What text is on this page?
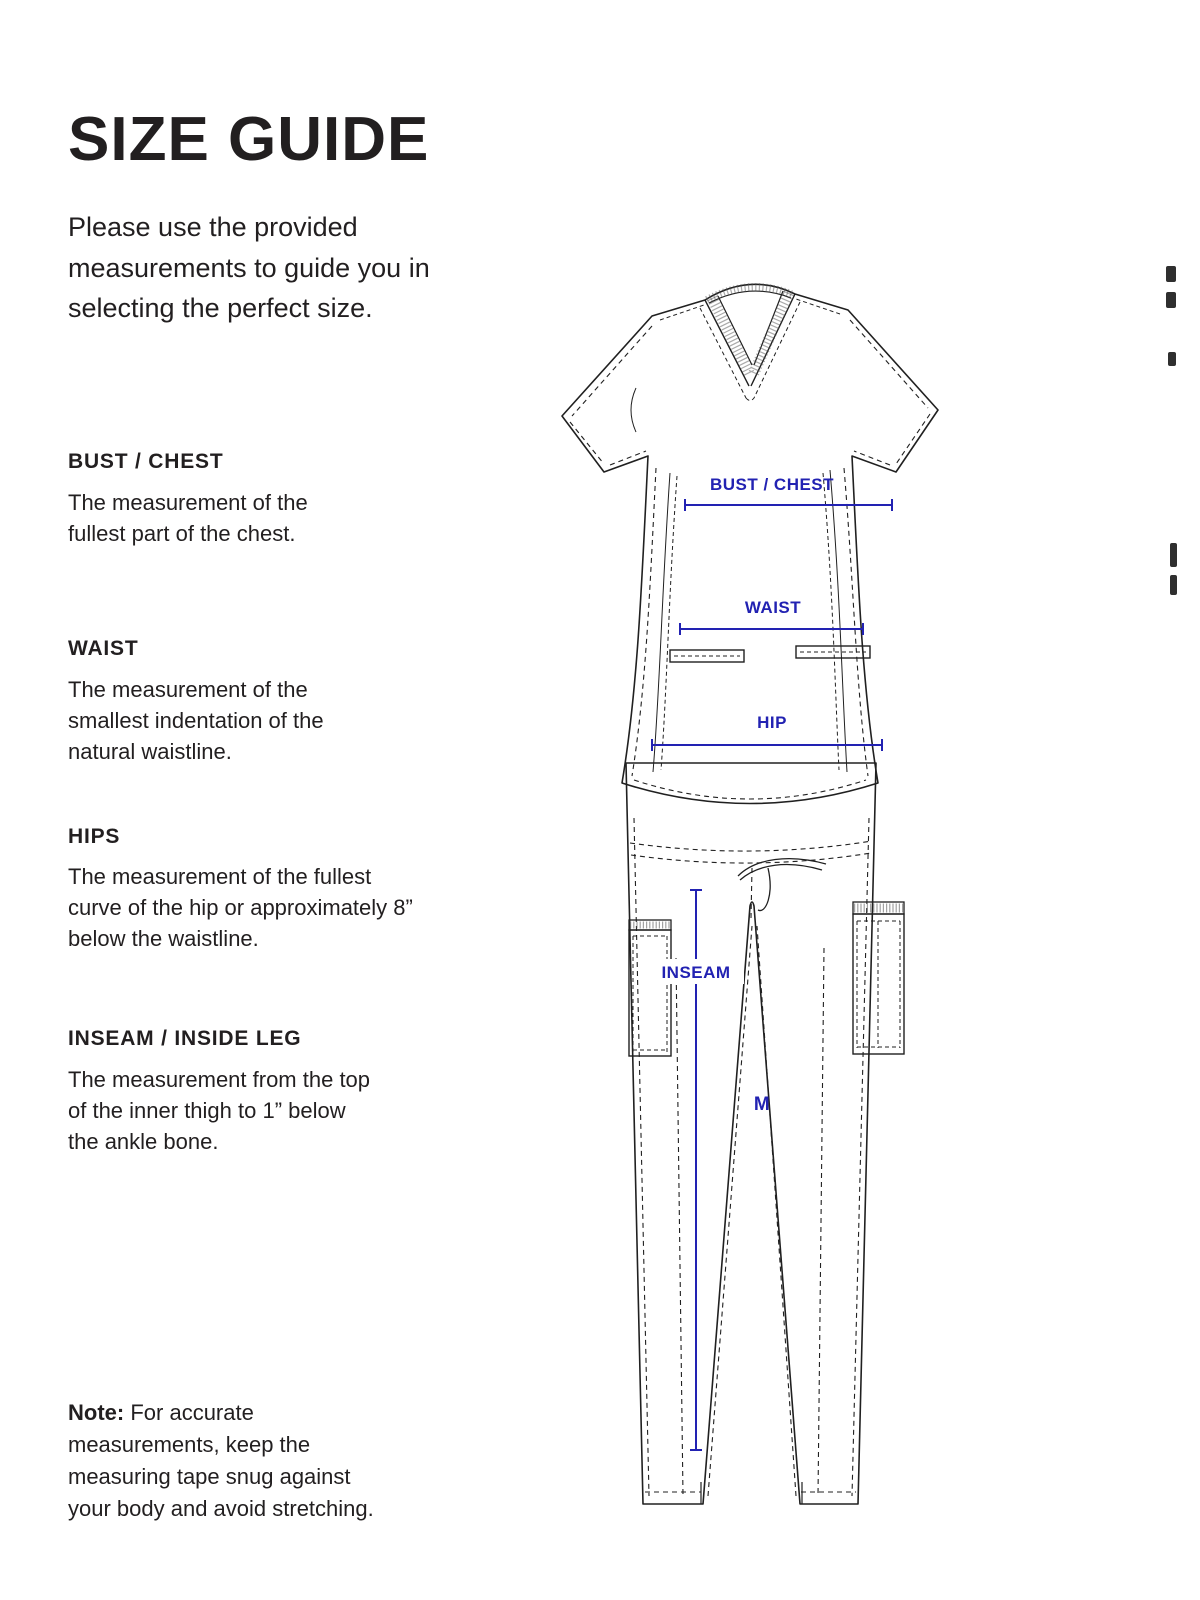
SIZE GUIDE

Please use the provided measurements to guide you in selecting the perfect size.

BUST / CHEST
The measurement of the fullest part of the chest.
WAIST
The measurement of the smallest indentation of the natural waistline.
HIPS
The measurement of the fullest curve of the hip or approximately 8” below the waistline.
INSEAM / INSIDE LEG
The measurement from the top of the inner thigh to 1” below the ankle bone.

Note: For accurate measurements, keep the measuring tape snug against your body and avoid stretching.

BUST / CHEST
WAIST
HIP
INSEAM
M
